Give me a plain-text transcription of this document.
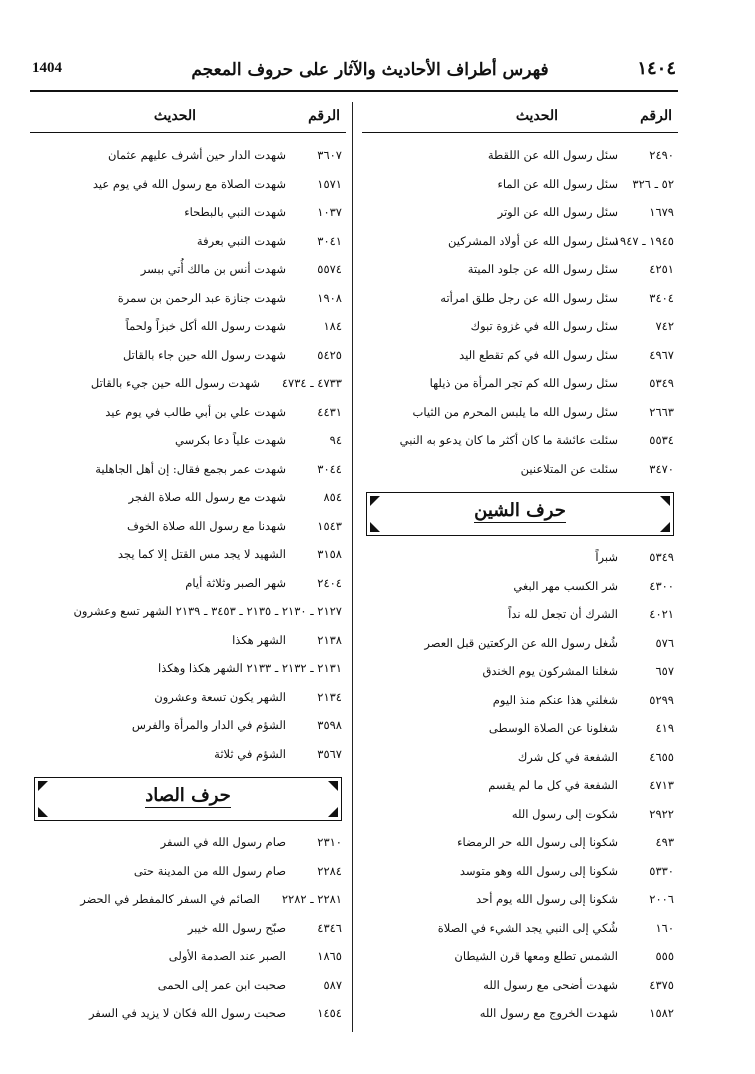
1404	فهرس أطراف الأحاديث والآثار على حروف المعجم	١٤٠٤
الرقم
الحديث
٢٤٩٠
سئل رسول الله عن اللقطة
٥٢ ـ ٣٢٦
سئل رسول الله عن الماء
١٦٧٩
سئل رسول الله عن الوتر
١٩٤٥ ـ ١٩٤٧
سئل رسول الله عن أولاد المشركين
٤٢٥١
سئل رسول الله عن جلود الميتة
٣٤٠٤
سئل رسول الله عن رجل طلق امرأته
٧٤٢
سئل رسول الله في غزوة تبوك
٤٩٦٧
سئل رسول الله في كم تقطع اليد
٥٣٤٩
سئل رسول الله كم تجر المرأة من ذيلها
٢٦٦٣
سئل رسول الله ما يلبس المحرم من الثياب
٥٥٣٤
سئلت عائشة ما كان أكثر ما كان يدعو به النبي
٣٤٧٠
سئلت عن المتلاعنين
حرف الشين
٥٣٤٩
شبراً
٤٣٠٠
شر الكسب مهر البغي
٤٠٢١
الشرك أن تجعل لله نداً
٥٧٦
شُغل رسول الله عن الركعتين قبل العصر
٦٥٧
شغلنا المشركون يوم الخندق
٥٢٩٩
شغلني هذا عنكم منذ اليوم
٤١٩
شغلونا عن الصلاة الوسطى
٤٦٥٥
الشفعة في كل شرك
٤٧١٣
الشفعة في كل ما لم يقسم
٢٩٢٢
شكوت إلى رسول الله
٤٩٣
شكونا إلى رسول الله حر الرمضاء
٥٣٣٠
شكونا إلى رسول الله وهو متوسد
٢٠٠٦
شكونا إلى رسول الله يوم أحد
١٦٠
شُكي إلى النبي يجد الشيء في الصلاة
٥٥٥
الشمس تطلع ومعها قرن الشيطان
٤٣٧٥
شهدت أضحى مع رسول الله
١٥٨٢
شهدت الخروج مع رسول الله
الرقم
الحديث
٣٦٠٧
شهدت الدار حين أشرف عليهم عثمان
١٥٧١
شهدت الصلاة مع رسول الله في يوم عيد
١٠٣٧
شهدت النبي بالبطحاء
٣٠٤١
شهدت النبي بعرفة
٥٥٧٤
شهدت أنس بن مالك أُتي ببسر
١٩٠٨
شهدت جنازة عبد الرحمن بن سمرة
١٨٤
شهدت رسول الله أكل خبزاً ولحماً
٥٤٢٥
شهدت رسول الله حين جاء بالقاتل
٤٧٣٣ ـ ٤٧٣٤
شهدت رسول الله حين جيء بالقاتل
٤٤٣١
شهدت علي بن أبي طالب في يوم عيد
٩٤
شهدت علياً دعا بكرسي
٣٠٤٤
شهدت عمر بجمع فقال: إن أهل الجاهلية
٨٥٤
شهدت مع رسول الله صلاة الفجر
١٥٤٣
شهدنا مع رسول الله صلاة الخوف
٣١٥٨
الشهيد لا يجد مس القتل إلا كما يجد
٢٤٠٤
شهر الصبر وثلاثة أيام
٢١٢٧ ـ ٢١٣٠ ـ ٢١٣٥ ـ ٣٤٥٣ ـ ٢١٣٩ الشهر تسع وعشرون
٢١٣٨
الشهر هكذا
٢١٣١ ـ ٢١٣٢ ـ ٢١٣٣ الشهر هكذا وهكذا
٢١٣٤
الشهر يكون تسعة وعشرون
٣٥٩٨
الشؤم في الدار والمرأة والفرس
٣٥٦٧
الشؤم في ثلاثة
حرف الصاد
٢٣١٠
صام رسول الله في السفر
٢٢٨٤
صام رسول الله من المدينة حتى
٢٢٨١ ـ ٢٢٨٢
الصائم في السفر كالمفطر في الحضر
٤٣٤٦
صبّح رسول الله خيبر
١٨٦٥
الصبر عند الصدمة الأولى
٥٨٧
صحبت ابن عمر إلى الحمى
١٤٥٤
صحبت رسول الله فكان لا يزيد في السفر
